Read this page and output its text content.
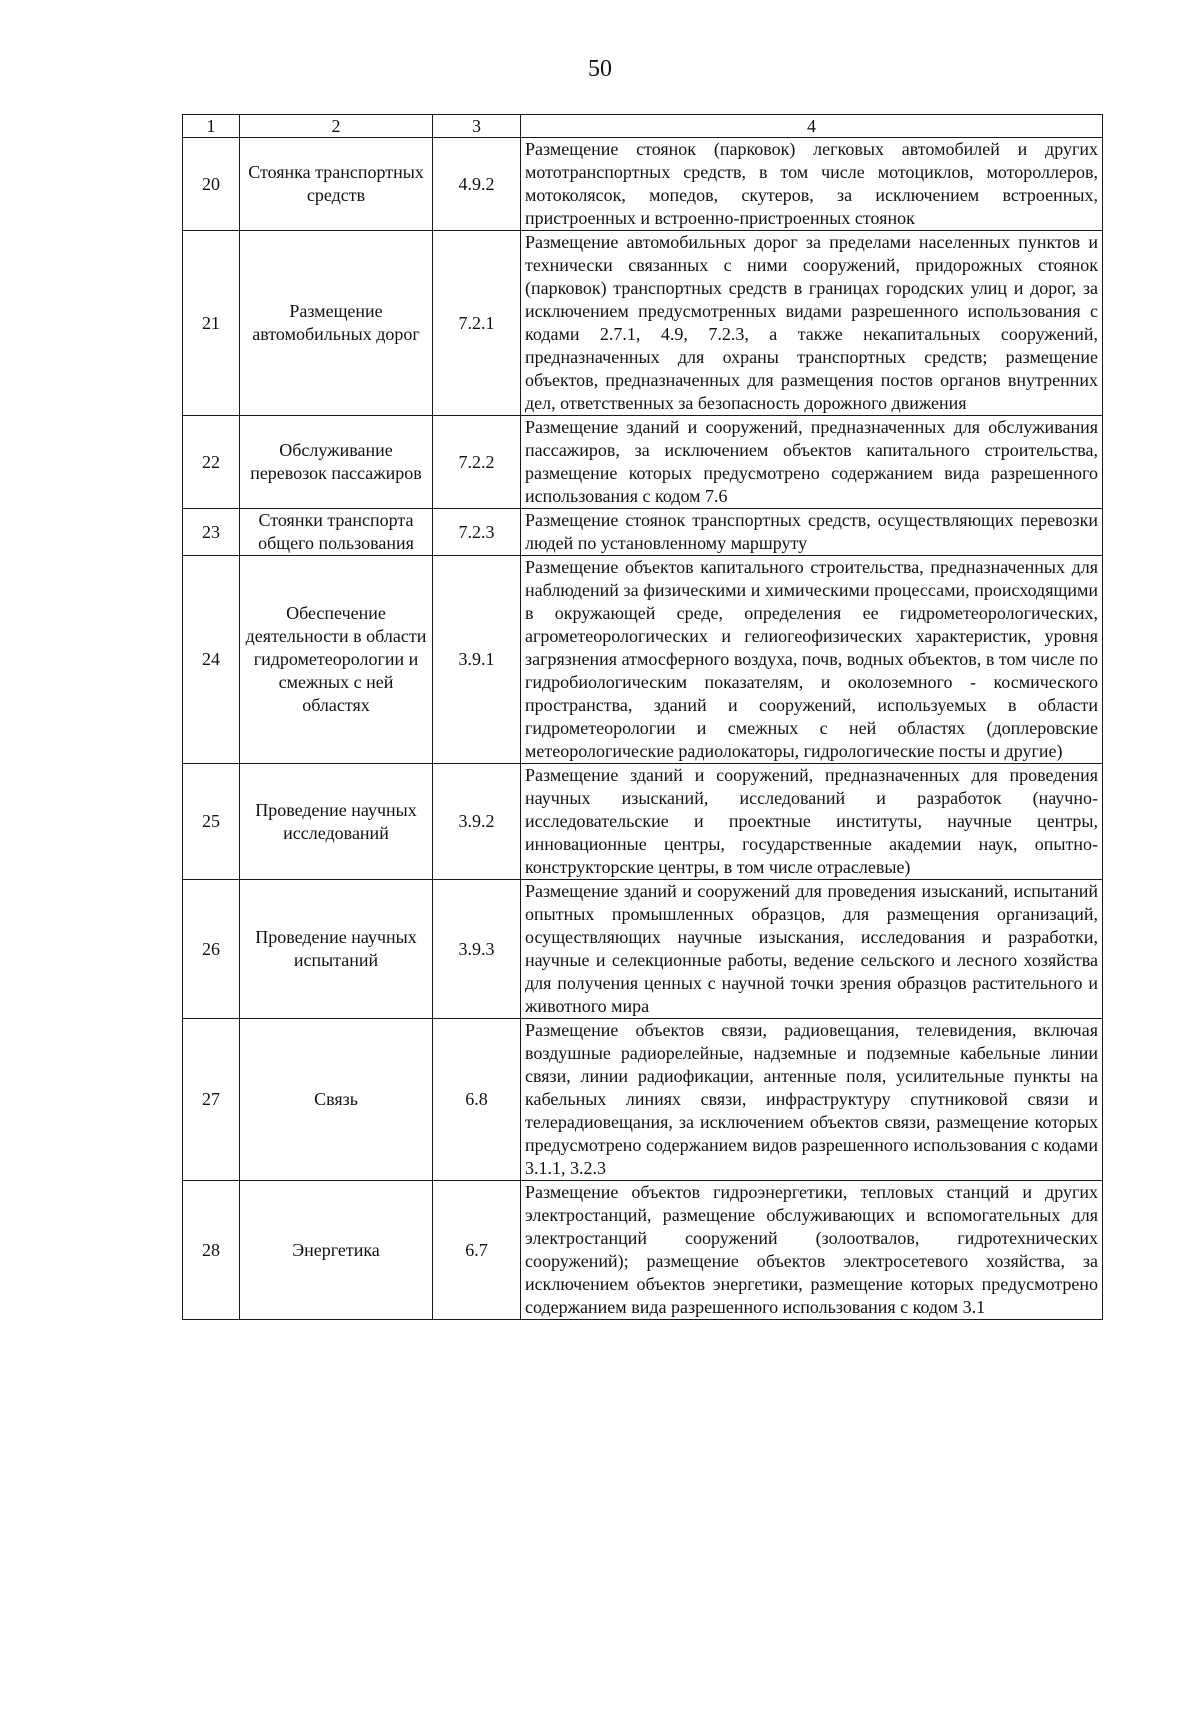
50
1	2	3	4
20	Стоянка транспортных средств	4.9.2	Размещение стоянок (парковок) легковых автомобилей и других мототранспортных средств, в том числе мотоциклов, мотороллеров, мотоколясок, мопедов, скутеров, за исключением встроенных, пристроенных и встроенно-пристроенных стоянок
21	Размещение автомобильных дорог	7.2.1	Размещение автомобильных дорог за пределами населенных пунктов и технически связанных с ними сооружений, придорожных стоянок (парковок) транспортных средств в границах городских улиц и дорог, за исключением предусмотренных видами разрешенного использования с кодами 2.7.1, 4.9, 7.2.3, а также некапитальных сооружений, предназначенных для охраны транспортных средств; размещение объектов, предназначенных для размещения постов органов внутренних дел, ответственных за безопасность дорожного движения
22	Обслуживание перевозок пассажиров	7.2.2	Размещение зданий и сооружений, предназначенных для обслуживания пассажиров, за исключением объектов капитального строительства, размещение которых предусмотрено содержанием вида разрешенного использования с кодом 7.6
23	Стоянки транспорта общего пользования	7.2.3	Размещение стоянок транспортных средств, осуществляющих перевозки людей по установленному маршруту
24	Обеспечение деятельности в области гидрометеорологии и смежных с ней областях	3.9.1	Размещение объектов капитального строительства, предназначенных для наблюдений за физическими и химическими процессами, происходящими в окружающей среде, определения ее гидрометеорологических, агрометеорологических и гелиогеофизических характеристик, уровня загрязнения атмосферного воздуха, почв, водных объектов, в том числе по гидробиологическим показателям, и околоземного - космического пространства, зданий и сооружений, используемых в области гидрометеорологии и смежных с ней областях (доплеровские метеорологические радиолокаторы, гидрологические посты и другие)
25	Проведение научных исследований	3.9.2	Размещение зданий и сооружений, предназначенных для проведения научных изысканий, исследований и разработок (научно-исследовательские и проектные институты, научные центры, инновационные центры, государственные академии наук, опытно-конструкторские центры, в том числе отраслевые)
26	Проведение научных испытаний	3.9.3	Размещение зданий и сооружений для проведения изысканий, испытаний опытных промышленных образцов, для размещения организаций, осуществляющих научные изыскания, исследования и разработки, научные и селекционные работы, ведение сельского и лесного хозяйства для получения ценных с научной точки зрения образцов растительного и животного мира
27	Связь	6.8	Размещение объектов связи, радиовещания, телевидения, включая воздушные радиорелейные, надземные и подземные кабельные линии связи, линии радиофикации, антенные поля, усилительные пункты на кабельных линиях связи, инфраструктуру спутниковой связи и телерадиовещания, за исключением объектов связи, размещение которых предусмотрено содержанием видов разрешенного использования с кодами 3.1.1, 3.2.3
28	Энергетика	6.7	Размещение объектов гидроэнергетики, тепловых станций и других электростанций, размещение обслуживающих и вспомогательных для электростанций сооружений (золоотвалов, гидротехнических сооружений); размещение объектов электросетевого хозяйства, за исключением объектов энергетики, размещение которых предусмотрено содержанием вида разрешенного использования с кодом 3.1
